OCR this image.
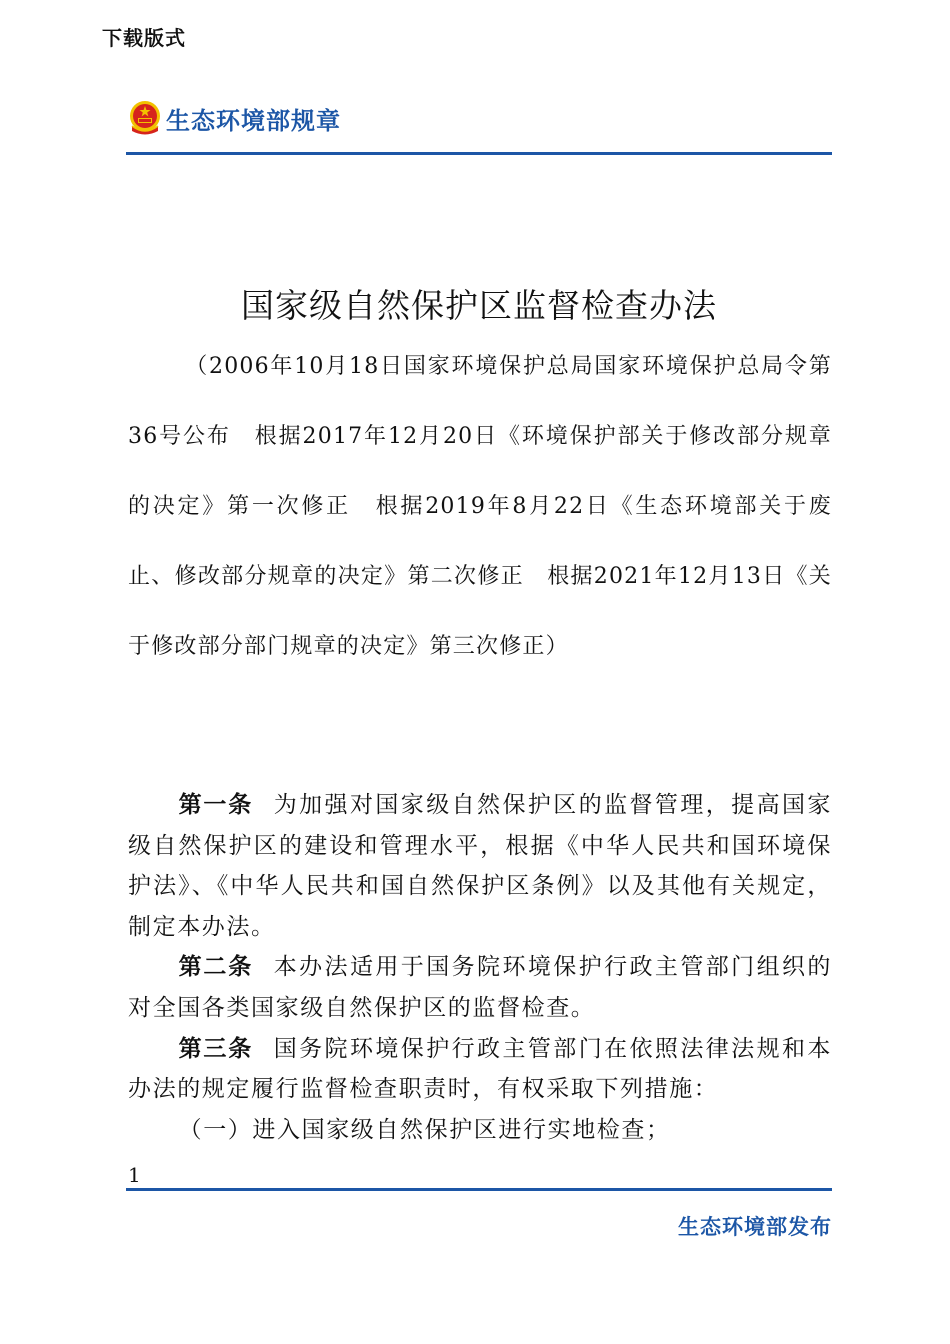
下载版式
生态环境部规章
国家级自然保护区监督检查办法
（2006年10月18日国家环境保护总局国家环境保护总局令第36号公布　根据2017年12月20日《环境保护部关于修改部分规章的决定》第一次修正　根据2019年8月22日《生态环境部关于废止、修改部分规章的决定》第二次修正　根据2021年12月13日《关于修改部分部门规章的决定》第三次修正）

第一条 为加强对国家级自然保护区的监督管理，提高国家级自然保护区的建设和管理水平，根据《中华人民共和国环境保护法》、《中华人民共和国自然保护区条例》以及其他有关规定，制定本办法。

第二条 本办法适用于国务院环境保护行政主管部门组织的对全国各类国家级自然保护区的监督检查。

第三条 国务院环境保护行政主管部门在依照法律法规和本办法的规定履行监督检查职责时，有权采取下列措施：

（一）进入国家级自然保护区进行实地检查；

1
生态环境部发布
